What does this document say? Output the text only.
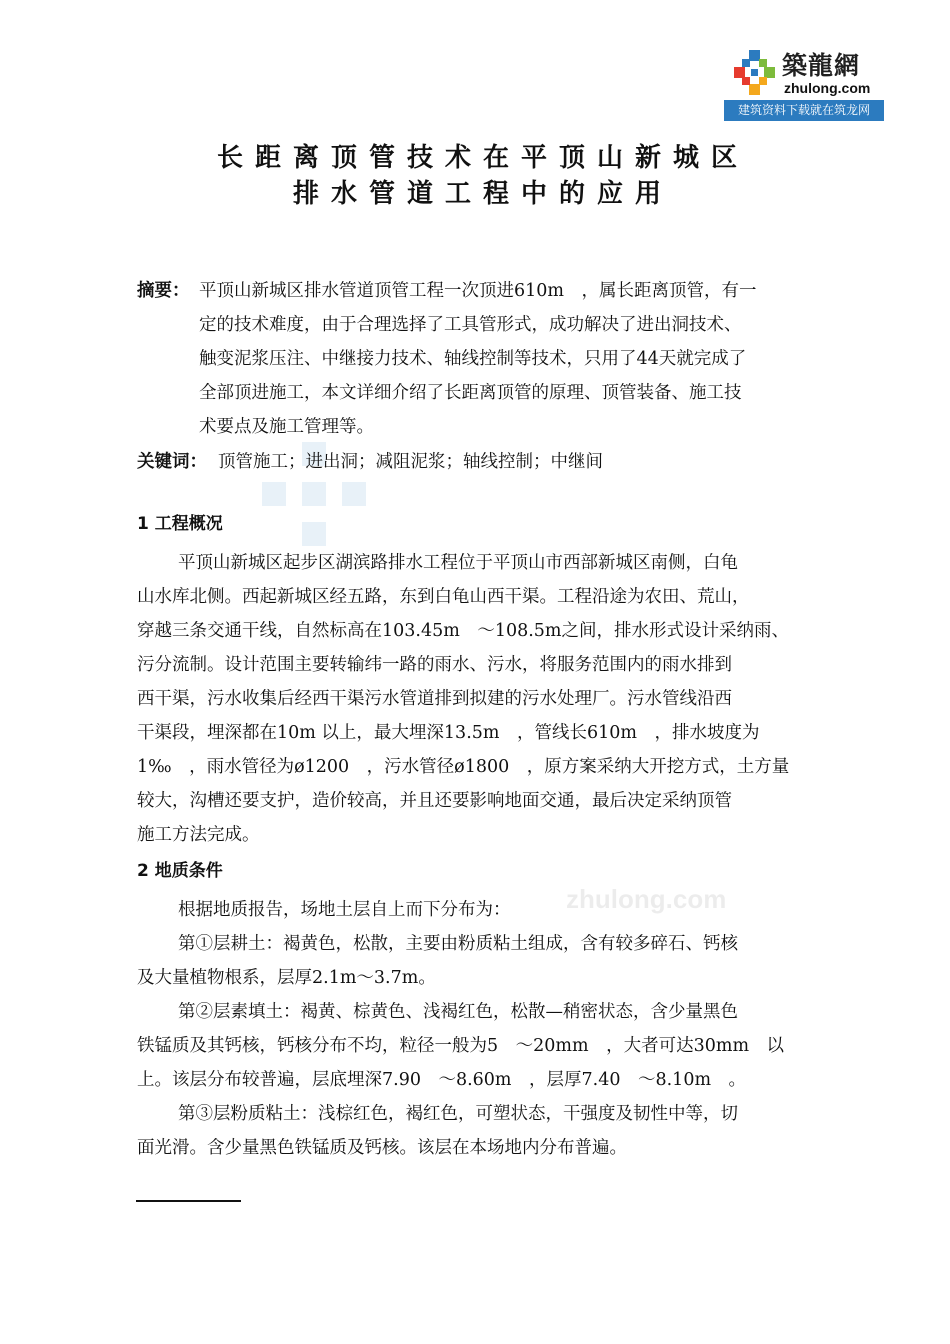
築龍網
zhulong.com
建筑资料下载就在筑龙网
长距离顶管技术在平顶山新城区
排水管道工程中的应用
zhulong.com
摘要： 平顶山新城区排水管道顶管工程一次顶进610m　，属长距离顶管，有一
定的技术难度，由于合理选择了工具管形式，成功解决了进出洞技术、
触变泥浆压注、中继接力技术、轴线控制等技术，只用了44天就完成了
全部顶进施工，本文详细介绍了长距离顶管的原理、顶管装备、施工技
术要点及施工管理等。
关键词： 顶管施工；进出洞；减阻泥浆；轴线控制；中继间
1 工程概况
平顶山新城区起步区湖滨路排水工程位于平顶山市西部新城区南侧，白龟
山水库北侧。西起新城区经五路，东到白龟山西干渠。工程沿途为农田、荒山，
穿越三条交通干线，自然标高在103.45m　～108.5m之间，排水形式设计采纳雨、
污分流制。设计范围主要转输纬一路的雨水、污水，将服务范围内的雨水排到
西干渠，污水收集后经西干渠污水管道排到拟建的污水处理厂。污水管线沿西
干渠段，埋深都在10m 以上，最大埋深13.5m　，管线长610m　，排水坡度为
1‰　，雨水管径为ø1200　，污水管径ø1800　，原方案采纳大开挖方式，土方量
较大，沟槽还要支护，造价较高，并且还要影响地面交通，最后决定采纳顶管
施工方法完成。
2 地质条件
根据地质报告，场地土层自上而下分布为：
第①层耕土：褐黄色，松散，主要由粉质粘土组成，含有较多碎石、钙核
及大量植物根系，层厚2.1m～3.7m。
第②层素填土：褐黄、棕黄色、浅褐红色，松散—稍密状态，含少量黑色
铁锰质及其钙核，钙核分布不均，粒径一般为5　～20mm　，大者可达30mm　以
上。该层分布较普遍，层底埋深7.90　～8.60m　，层厚7.40　～8.10m　。
第③层粉质粘土：浅棕红色，褐红色，可塑状态，干强度及韧性中等，切
面光滑。含少量黑色铁锰质及钙核。该层在本场地内分布普遍。
